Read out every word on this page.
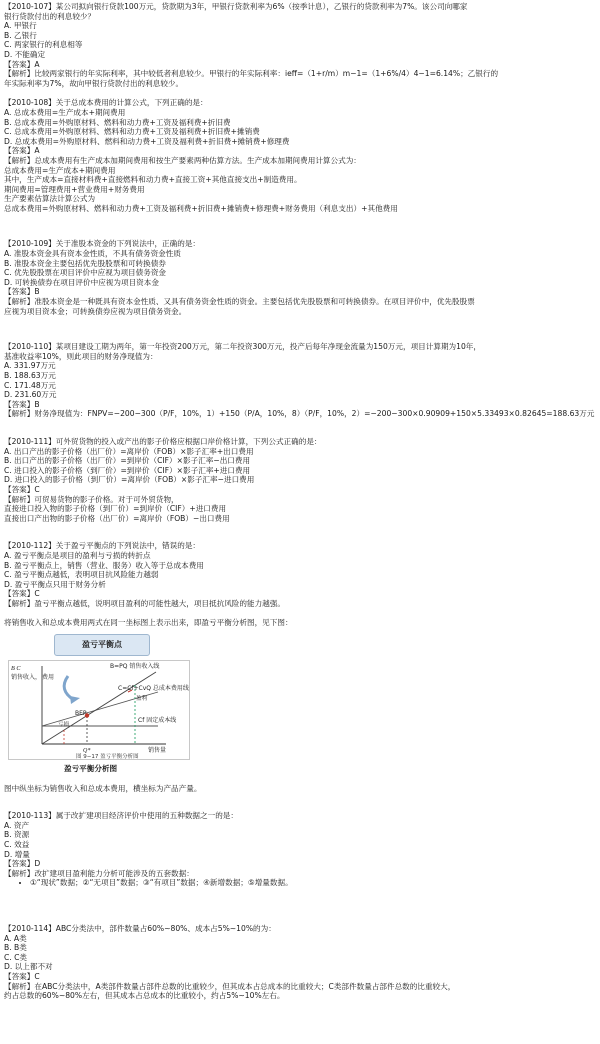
【2010-107】某公司拟向银行贷款100万元，贷款期为3年，甲银行贷款利率为6%（按季计息），乙银行的贷款利率为7%。该公司向哪家
银行贷款付出的利息较少？
A. 甲银行
B. 乙银行
C. 两家银行的利息相等
D. 不能确定
【答案】A
【解析】比较两家银行的年实际利率，其中较低者利息较少。甲银行的年实际利率：ieff=（1+r/m）m−1=（1+6%/4）4−1=6.14%；乙银行的
年实际利率为7%，故向甲银行贷款付出的利息较少。
【2010-108】关于总成本费用的计算公式，下列正确的是：
A. 总成本费用=生产成本+期间费用
B. 总成本费用=外购原材料、燃料和动力费+工资及福利费+折旧费
C. 总成本费用=外购原材料、燃料和动力费+工资及福利费+折旧费+摊销费
D. 总成本费用=外购原材料、燃料和动力费+工资及福利费+折旧费+摊销费+修理费
【答案】A
【解析】总成本费用有生产成本加期间费用和按生产要素两种估算方法。生产成本加期间费用计算公式为：
总成本费用=生产成本+期间费用
其中，生产成本=直接材料费+直接燃料和动力费+直接工资+其他直接支出+制造费用。
期间费用=管理费用+营业费用+财务费用
生产要素估算法计算公式为
总成本费用=外购原材料、燃料和动力费+工资及福利费+折旧费+摊销费+修理费+财务费用（利息支出）+其他费用
【2010-109】关于准股本资金的下列说法中，正确的是：
A. 准股本资金具有资本金性质，不具有债务资金性质
B. 准股本资金主要包括优先股股票和可转换债券
C. 优先股股票在项目评价中应视为项目债务资金
D. 可转换债券在项目评价中应视为项目资本金
【答案】B
【解析】准股本资金是一种既具有资本金性质、又具有债务资金性质的资金。主要包括优先股股票和可转换债券。在项目评价中，优先股股票
应视为项目资本金；可转换债券应视为项目债务资金。
【2010-110】某项目建设工期为两年，第一年投资200万元，第二年投资300万元，投产后每年净现金流量为150万元，项目计算期为10年，
基准收益率10%，则此项目的财务净现值为：
A. 331.97万元
B. 188.63万元
C. 171.48万元
D. 231.60万元
【答案】B
【解析】财务净现值为：FNPV=−200−300（P/F，10%，1）+150（P/A，10%，8）（P/F，10%，2）=−200−300×0.90909+150×5.33493×0.82645=188.63万元
【2010-111】可外贸货物的投入或产出的影子价格应根据口岸价格计算，下列公式正确的是：
A. 出口产出的影子价格（出厂价）=离岸价（FOB）×影子汇率+出口费用
B. 出口产出的影子价格（出厂价）=到岸价（CIF）×影子汇率−出口费用
C. 进口投入的影子价格（到厂价）=到岸价（CIF）×影子汇率+进口费用
D. 进口投入的影子价格（到厂价）=离岸价（FOB）×影子汇率−进口费用
【答案】C
【解析】可贸易货物的影子价格。对于可外贸货物，
直接进口投入物的影子价格（到厂价）=到岸价（CIF）+进口费用
直接出口产出物的影子价格（出厂价）=离岸价（FOB）−出口费用
【2010-112】关于盈亏平衡点的下列说法中，错误的是：
A. 盈亏平衡点是项目的盈利与亏损的转折点
B. 盈亏平衡点上，销售（营业、服务）收入等于总成本费用
C. 盈亏平衡点越低，表明项目抗风险能力越弱
D. 盈亏平衡点只用于财务分析
【答案】C
【解析】盈亏平衡点越低，说明项目盈利的可能性越大，项目抵抗风险的能力越强。
将销售收入和总成本费用两式在同一坐标图上表示出来，即盈亏平衡分析图，见下图：
盈亏平衡点
B C
销售收入， 费用
B=PQ 销售收入线
C=Cf+CvQ 总成本费用线
Cf 固定成本线
BEP
盈利
亏损
Q*	销售量
图 9−17 盈亏平衡分析图
盈亏平衡分析图
图中纵坐标为销售收入和总成本费用，横坐标为产品产量。
【2010-113】属于改扩建项目经济评价中使用的五种数据之一的是：
A. 资产
B. 资源
C. 效益
D. 增量
【答案】D
【解析】改扩建项目盈利能力分析可能涉及的五套数据：
• ①“现状”数据；②“无项目”数据；③“有项目”数据；④新增数据；⑤增量数据。
【2010-114】ABC分类法中，部件数量占60%~80%、成本占5%~10%的为：
A. A类
B. B类
C. C类
D. 以上都不对
【答案】C
【解析】在ABC分类法中，A类部件数量占部件总数的比重较少，但其成本占总成本的比重较大；C类部件数量占部件总数的比重较大，
约占总数的60%~80%左右，但其成本占总成本的比重较小，约占5%~10%左右。
